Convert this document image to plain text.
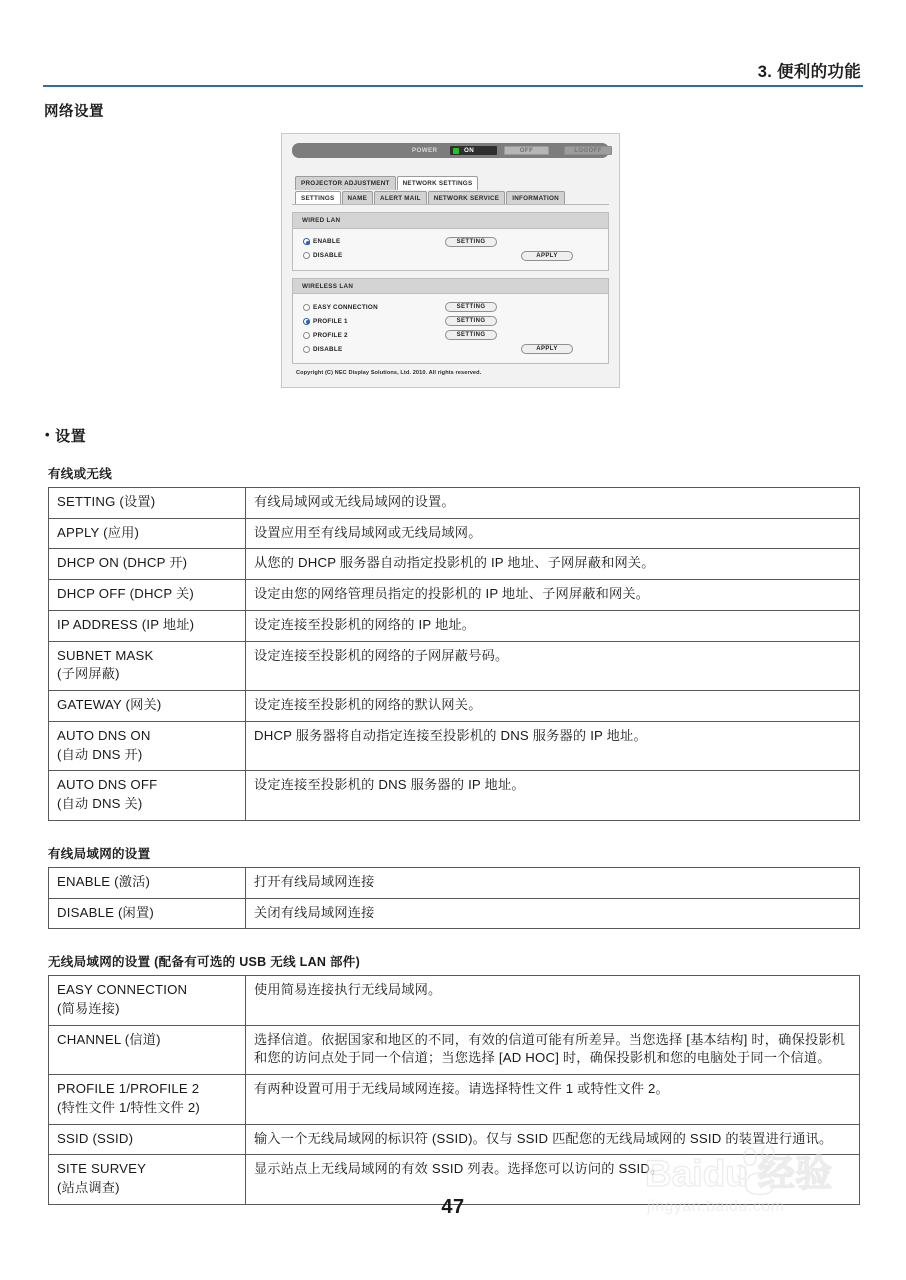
3. 便利的功能
网络设置
POWER	ON	OFF	LOGOFF
PROJECTOR ADJUSTMENT	NETWORK SETTINGS
SETTINGS	NAME	ALERT MAIL	NETWORK SERVICE	INFORMATION
WIRED LAN
ENABLE	SETTING
DISABLE	APPLY
WIRELESS LAN
EASY CONNECTION	SETTING
PROFILE 1	SETTING
PROFILE 2	SETTING
DISABLE	APPLY
Copyright (C) NEC Display Solutions, Ltd. 2010. All rights reserved.
• 设置
有线或无线
SETTING (设置)	有线局域网或无线局域网的设置。
APPLY (应用)	设置应用至有线局域网或无线局域网。
DHCP ON (DHCP 开)	从您的 DHCP 服务器自动指定投影机的 IP 地址、子网屏蔽和网关。
DHCP OFF (DHCP 关)	设定由您的网络管理员指定的投影机的 IP 地址、子网屏蔽和网关。
IP ADDRESS (IP 地址)	设定连接至投影机的网络的 IP 地址。
SUBNET MASK
(子网屏蔽)	设定连接至投影机的网络的子网屏蔽号码。
GATEWAY (网关)	设定连接至投影机的网络的默认网关。
AUTO DNS ON
(自动 DNS 开)	DHCP 服务器将自动指定连接至投影机的 DNS 服务器的 IP 地址。
AUTO DNS OFF
(自动 DNS 关)	设定连接至投影机的 DNS 服务器的 IP 地址。
有线局域网的设置
ENABLE (激活)	打开有线局域网连接
DISABLE (闲置)	关闭有线局域网连接
无线局域网的设置 (配备有可选的 USB 无线 LAN 部件)
EASY CONNECTION
(简易连接)	使用简易连接执行无线局域网。
CHANNEL (信道)	选择信道。依据国家和地区的不同，有效的信道可能有所差异。当您选择 [基本结构] 时，确保投影机和您的访问点处于同一个信道；当您选择 [AD HOC] 时，确保投影机和您的电脑处于同一个信道。
PROFILE 1/PROFILE 2
(特性文件 1/特性文件 2)	有两种设置可用于无线局域网连接。请选择特性文件 1 或特性文件 2。
SSID (SSID)	输入一个无线局域网的标识符 (SSID)。仅与 SSID 匹配您的无线局域网的 SSID 的装置进行通讯。
SITE SURVEY
(站点调查)	显示站点上无线局域网的有效 SSID 列表。选择您可以访问的 SSID。
Baidu 经验
jingyan.baidu.com
47
